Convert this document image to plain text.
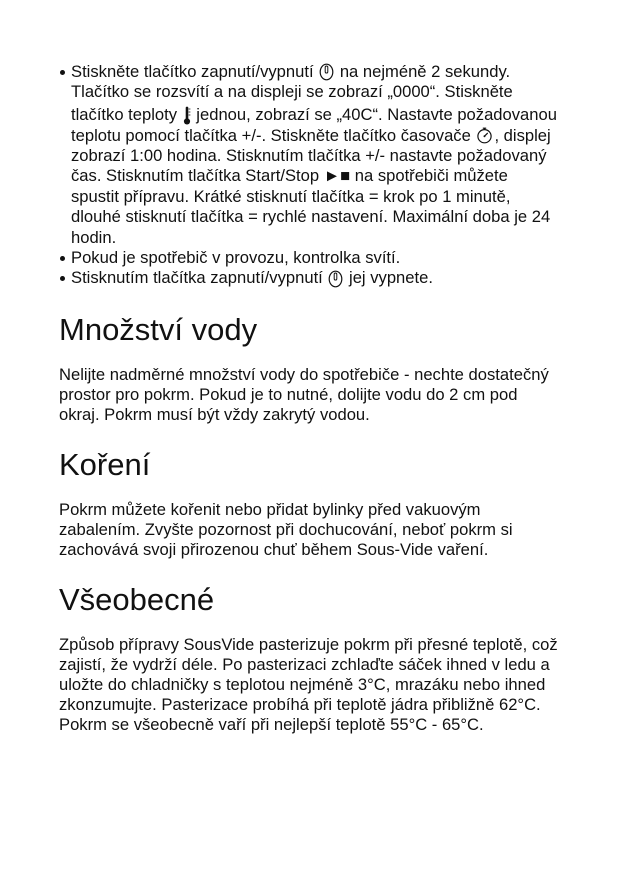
Stiskněte tlačítko zapnutí/vypnutí na nejméně 2 sekundy.
Tlačítko se rozsvítí a na displeji se zobrazí „0000“. Stiskněte
tlačítko teploty jednou, zobrazí se „40C“. Nastavte požadovanou
teplotu pomocí tlačítka +/-. Stiskněte tlačítko časovače , displej
zobrazí 1:00 hodina. Stisknutím tlačítka +/- nastavte požadovaný
čas. Stisknutím tlačítka Start/Stop ►■ na spotřebiči můžete
spustit přípravu. Krátké stisknutí tlačítka = krok po 1 minutě,
dlouhé stisknutí tlačítka = rychlé nastavení. Maximální doba je 24
hodin.
Pokud je spotřebič v provozu, kontrolka svítí.
Stisknutím tlačítka zapnutí/vypnutí jej vypnete.
Množství vody

Nelijte nadměrné množství vody do spotřebiče - nechte dostatečný
prostor pro pokrm. Pokud je to nutné, dolijte vodu do 2 cm pod
okraj. Pokrm musí být vždy zakrytý vodou.

Koření

Pokrm můžete kořenit nebo přidat bylinky před vakuovým
zabalením. Zvyšte pozornost při dochucování, neboť pokrm si
zachovává svoji přirozenou chuť během Sous-Vide vaření.

Všeobecné

Způsob přípravy SousVide pasterizuje pokrm při přesné teplotě, což
zajistí, že vydrží déle. Po pasterizaci zchlaďte sáček ihned v ledu a
uložte do chladničky s teplotou nejméně 3°C, mrazáku nebo ihned
zkonzumujte. Pasterizace probíhá při teplotě jádra přibližně 62°C.
Pokrm se všeobecně vaří při nejlepší teplotě 55°C - 65°C.
